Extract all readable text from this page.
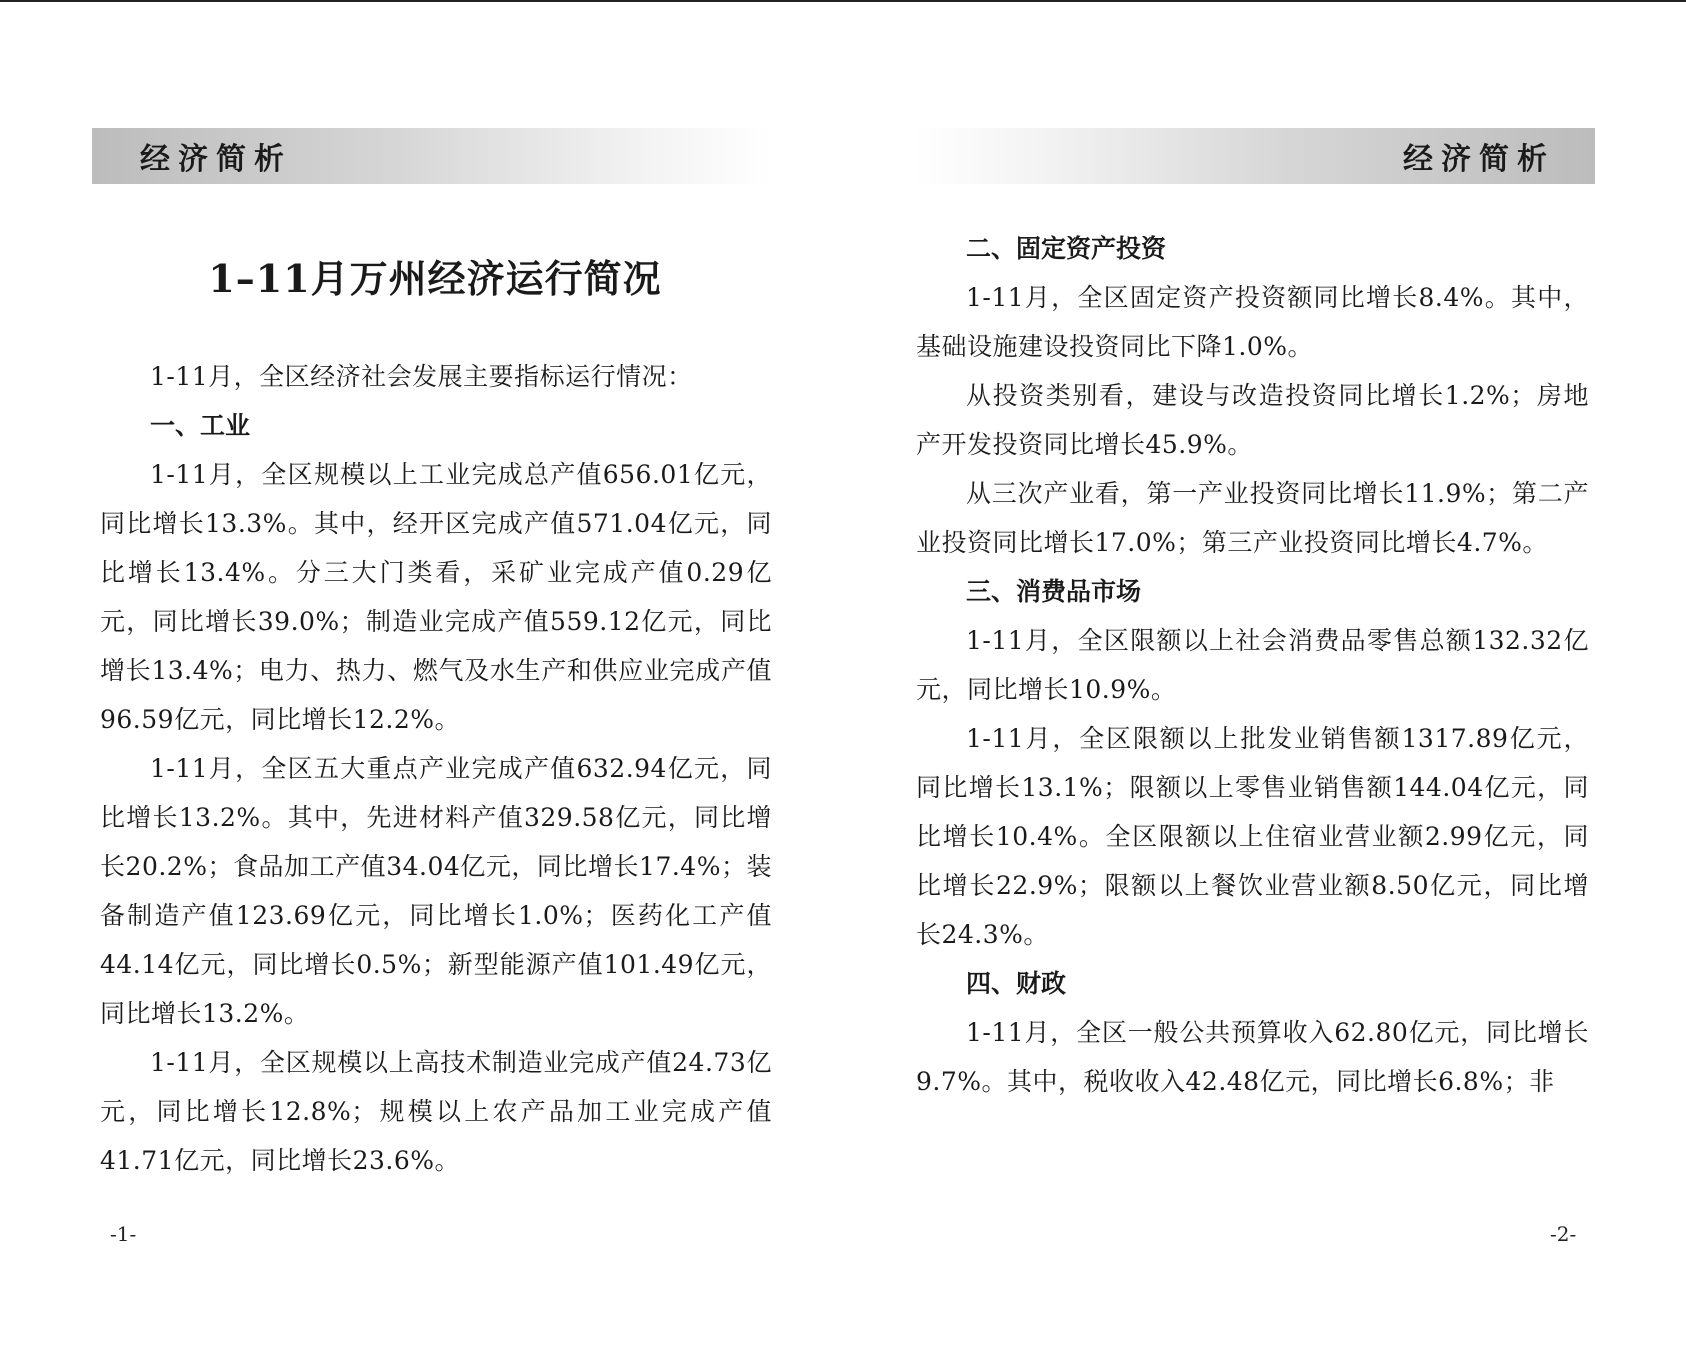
经济简析
1–11月万州经济运行简况

1-11月，全区经济社会发展主要指标运行情况：

一、工业

1-11月，全区规模以上工业完成总产值656.01亿元，同比增长13.3%。其中，经开区完成产值571.04亿元，同比增长13.4%。分三大门类看，采矿业完成产值0.29亿元，同比增长39.0%；制造业完成产值559.12亿元，同比增长13.4%；电力、热力、燃气及水生产和供应业完成产值96.59亿元，同比增长12.2%。

1-11月，全区五大重点产业完成产值632.94亿元，同比增长13.2%。其中，先进材料产值329.58亿元，同比增长20.2%；食品加工产值34.04亿元，同比增长17.4%；装备制造产值123.69亿元，同比增长1.0%；医药化工产值44.14亿元，同比增长0.5%；新型能源产值101.49亿元，同比增长13.2%。

1-11月，全区规模以上高技术制造业完成产值24.73亿元，同比增长12.8%；规模以上农产品加工业完成产值41.71亿元，同比增长23.6%。

-1-
经济简析
二、固定资产投资

1-11月，全区固定资产投资额同比增长8.4%。其中，基础设施建设投资同比下降1.0%。

从投资类别看，建设与改造投资同比增长1.2%；房地产开发投资同比增长45.9%。

从三次产业看，第一产业投资同比增长11.9%；第二产业投资同比增长17.0%；第三产业投资同比增长4.7%。

三、消费品市场

1-11月，全区限额以上社会消费品零售总额132.32亿元，同比增长10.9%。

1-11月，全区限额以上批发业销售额1317.89亿元，同比增长13.1%；限额以上零售业销售额144.04亿元，同比增长10.4%。全区限额以上住宿业营业额2.99亿元，同比增长22.9%；限额以上餐饮业营业额8.50亿元，同比增长24.3%。

四、财政

1-11月，全区一般公共预算收入62.80亿元，同比增长9.7%。其中，税收收入42.48亿元，同比增长6.8%；非

-2-
